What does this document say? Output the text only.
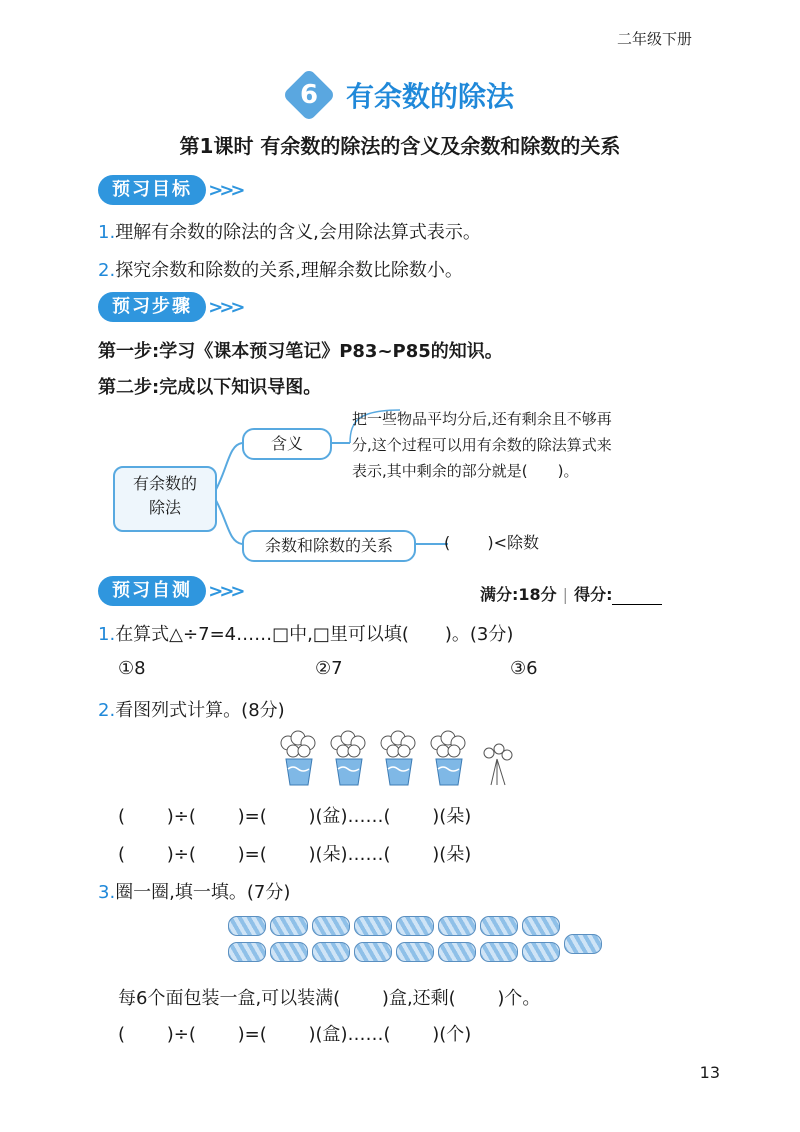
二年级下册
6 有余数的除法
第1课时 有余数的除法的含义及余数和除数的关系
预习目标 >>>
1.理解有余数的除法的含义,会用除法算式表示。
2.探究余数和除数的关系,理解余数比除数小。
预习步骤 >>>
第一步:学习《课本预习笔记》P83~P85的知识。
第二步:完成以下知识导图。
有余数的
除法
含义
把一些物品平均分后,还有剩余且不够再
分,这个过程可以用有余数的除法算式来
表示,其中剩余的部分就是(　　)。
余数和除数的关系	(　　 )<除数
预习自测 >>>	满分:18分 | 得分:
1.在算式△÷7=4……□中,□里可以填(　　)。(3分)
①8	②7	③6
2.看图列式计算。(8分)
(　　 )÷(　　 )=(　　 )(盆)……(　　 )(朵)
(　　 )÷(　　 )=(　　 )(朵)……(　　 )(朵)
3.圈一圈,填一填。(7分)
每6个面包装一盒,可以装满(　　 )盒,还剩(　　 )个。
(　　 )÷(　　 )=(　　 )(盒)……(　　 )(个)
13
